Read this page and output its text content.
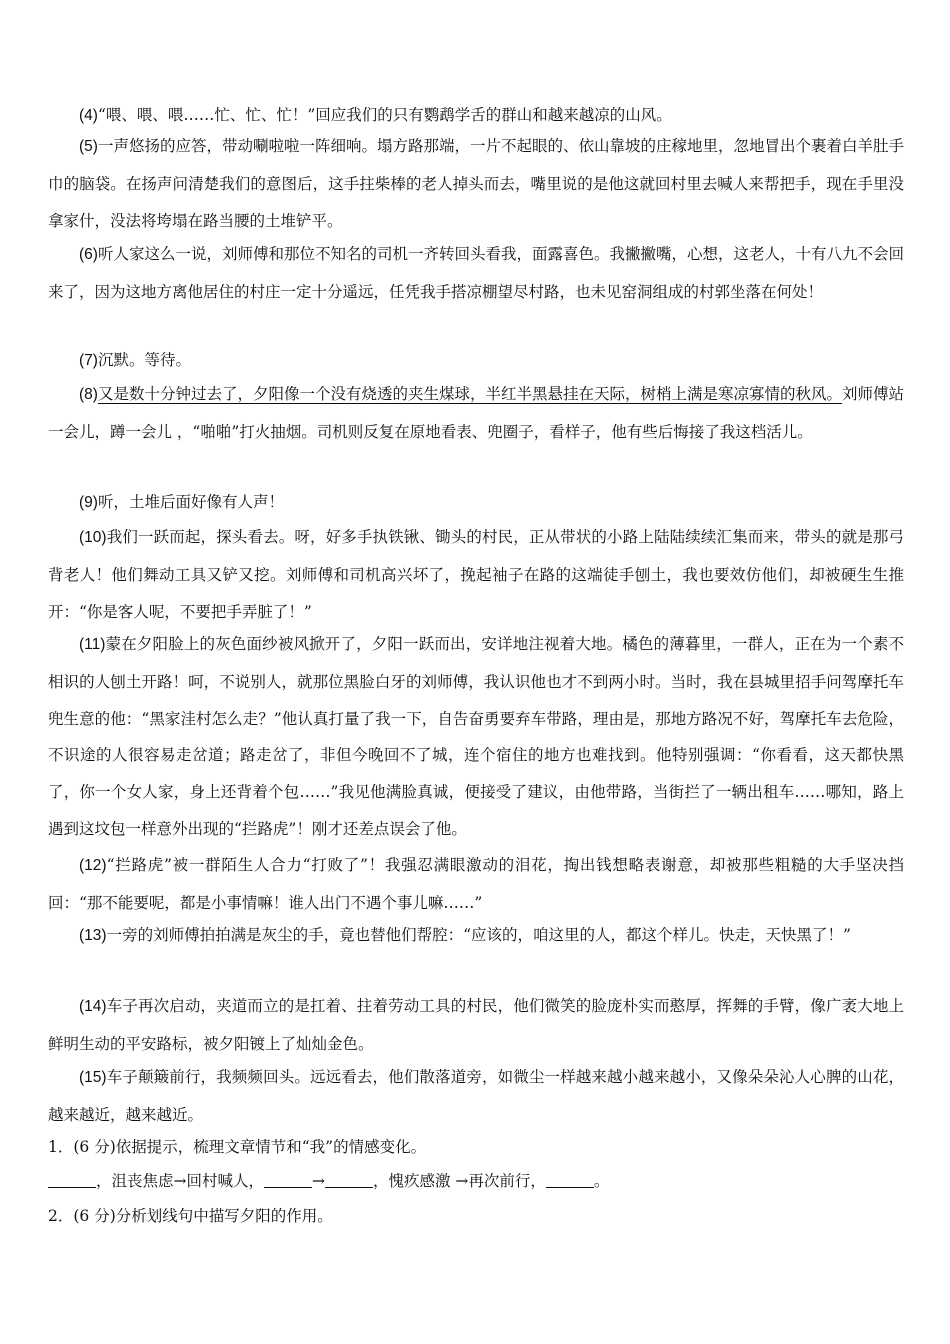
(4)“喂、喂、喂……忙、忙、忙！”回应我们的只有鹦鹉学舌的群山和越来越凉的山风。

(5)一声悠扬的应答，带动唰啦啦一阵细响。塌方路那端，一片不起眼的、依山靠坡的庄稼地里，忽地冒出个裹着白羊肚手巾的脑袋。在扬声问清楚我们的意图后，这手拄柴棒的老人掉头而去，嘴里说的是他这就回村里去喊人来帮把手，现在手里没拿家什，没法将垮塌在路当腰的土堆铲平。

(6)听人家这么一说，刘师傅和那位不知名的司机一齐转回头看我，面露喜色。我撇撇嘴，心想，这老人，十有八九不会回来了，因为这地方离他居住的村庄一定十分遥远，任凭我手搭凉棚望尽村路，也未见窑洞组成的村郭坐落在何处！

(7)沉默。等待。

(8)又是数十分钟过去了，夕阳像一个没有烧透的夹生煤球，半红半黑悬挂在天际，树梢上满是寒凉寡情的秋风。刘师傅站一会儿，蹲一会儿 ，“啪啪”打火抽烟。司机则反复在原地看表、兜圈子，看样子，他有些后悔接了我这档活儿。

(9)听，土堆后面好像有人声！

(10)我们一跃而起，探头看去。呀，好多手执铁锹、锄头的村民，正从带状的小路上陆陆续续汇集而来，带头的就是那弓背老人！他们舞动工具又铲又挖。刘师傅和司机高兴坏了，挽起袖子在路的这端徒手刨土，我也要效仿他们，却被硬生生推开：“你是客人呢，不要把手弄脏了！”

(11)蒙在夕阳脸上的灰色面纱被风掀开了，夕阳一跃而出，安详地注视着大地。橘色的薄暮里，一群人，正在为一个素不相识的人刨土开路！呵，不说别人，就那位黑脸白牙的刘师傅，我认识他也才不到两小时。当时，我在县城里招手问驾摩托车兜生意的他：“黑家洼村怎么走？”他认真打量了我一下，自告奋勇要弃车带路，理由是，那地方路况不好，驾摩托车去危险，不识途的人很容易走岔道；路走岔了，非但今晚回不了城，连个宿住的地方也难找到。他特别强调：“你看看，这天都快黑了，你一个女人家，身上还背着个包……”我见他满脸真诚，便接受了建议，由他带路，当街拦了一辆出租车……哪知，路上遇到这坟包一样意外出现的“拦路虎”！刚才还差点误会了他。

(12)“拦路虎”被一群陌生人合力“打败了”！我强忍满眼激动的泪花，掏出钱想略表谢意，却被那些粗糙的大手坚决挡回：“那不能要呢，都是小事情嘛！谁人出门不遇个事儿嘛……”

(13)一旁的刘师傅拍拍满是灰尘的手，竟也替他们帮腔：“应该的，咱这里的人，都这个样儿。快走，天快黑了！”

(14)车子再次启动，夹道而立的是扛着、拄着劳动工具的村民，他们微笑的脸庞朴实而憨厚，挥舞的手臂，像广袤大地上鲜明生动的平安路标，被夕阳镀上了灿灿金色。

(15)车子颠簸前行，我频频回头。远远看去，他们散落道旁，如微尘一样越来越小越来越小，又像朵朵沁人心脾的山花，越来越近，越来越近。

1．(6 分)依据提示，梳理文章情节和“我”的情感变化。

，沮丧焦虑→回村喊人，	→	，愧疚感激 →再次前行，	。

2．(6 分)分析划线句中描写夕阳的作用。
